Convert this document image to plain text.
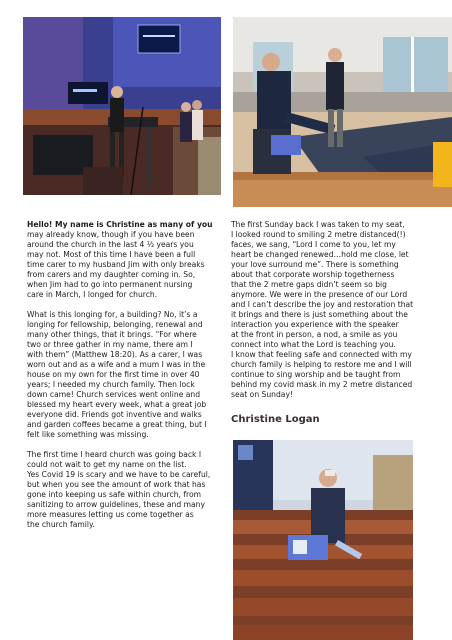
Hello! My name is Christine as many of you
may already know, though if you have been
around the church in the last 4 ½ years you
may not. Most of this time I have been a full
time carer to my husband Jim with only breaks
from carers and my daughter coming in. So,
when Jim had to go into permanent nursing
care in March, I longed for church.

What is this longing for, a building? No, it’s a
longing for fellowship, belonging, renewal and
many other things, that it brings. “For where
two or three gather in my name, there am I
with them” (Matthew 18:20). As a carer, I was
worn out and as a wife and a mum I was in the
house on my own for the first time in over 40
years; I needed my church family. Then lock
down came! Church services went online and
blessed my heart every week, what a great job
everyone did. Friends got inventive and walks
and garden coffees became a great thing, but I
felt like something was missing.

The first time I heard church was going back I
could not wait to get my name on the list.
Yes Covid 19 is scary and we have to be careful,
but when you see the amount of work that has
gone into keeping us safe within church, from
sanitizing to arrow guidelines, these and many
more measures letting us come together as
the church family.

The first Sunday back I was taken to my seat,
I looked round to smiling 2 metre distanced(!)
faces, we sang, “Lord I come to you, let my
heart be changed renewed…hold me close, let
your love surround me”. There is something
about that corporate worship togetherness
that the 2 metre gaps didn’t seem so big
anymore. We were in the presence of our Lord
and I can’t describe the joy and restoration that
it brings and there is just something about the
interaction you experience with the speaker
at the front in person, a nod, a smile as you
connect into what the Lord is teaching you.
I know that feeling safe and connected with my
church family is helping to restore me and I will
continue to sing worship and be taught from
behind my covid mask in my 2 metre distanced
seat on Sunday!

Christine Logan
